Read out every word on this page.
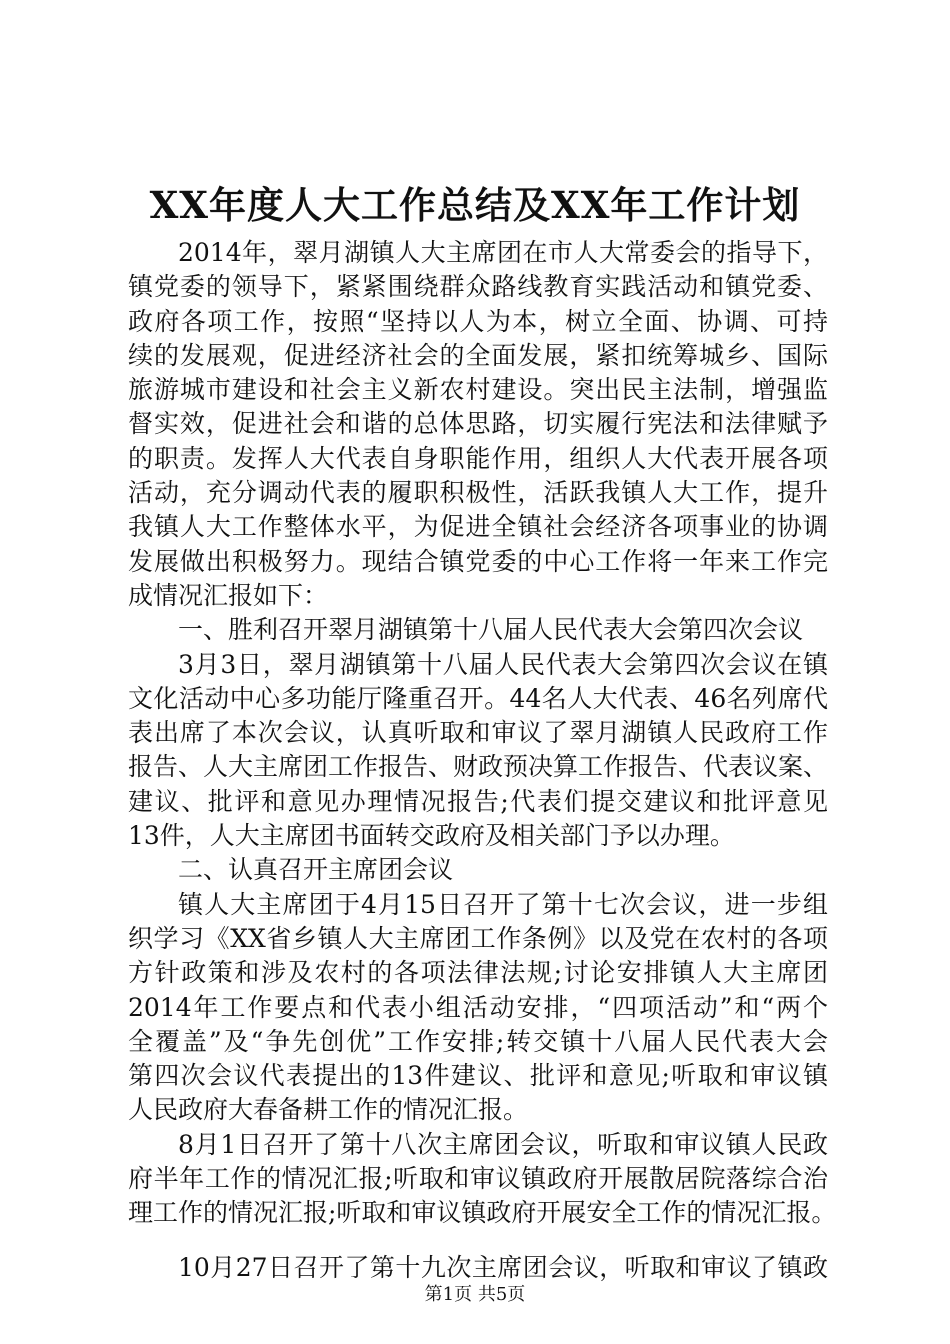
XX年度人大工作总结及XX年工作计划
2014年，翠月湖镇人大主席团在市人大常委会的指导下，
镇党委的领导下，紧紧围绕群众路线教育实践活动和镇党委、
政府各项工作，按照“坚持以人为本，树立全面、协调、可持
续的发展观，促进经济社会的全面发展，紧扣统筹城乡、国际
旅游城市建设和社会主义新农村建设。突出民主法制，增强监
督实效，促进社会和谐的总体思路，切实履行宪法和法律赋予
的职责。发挥人大代表自身职能作用，组织人大代表开展各项
活动，充分调动代表的履职积极性，活跃我镇人大工作，提升
我镇人大工作整体水平，为促进全镇社会经济各项事业的协调
发展做出积极努力。现结合镇党委的中心工作将一年来工作完
成情况汇报如下：
一、胜利召开翠月湖镇第十八届人民代表大会第四次会议
3月3日，翠月湖镇第十八届人民代表大会第四次会议在镇
文化活动中心多功能厅隆重召开。44名人大代表、46名列席代
表出席了本次会议，认真听取和审议了翠月湖镇人民政府工作
报告、人大主席团工作报告、财政预决算工作报告、代表议案、
建议、批评和意见办理情况报告;代表们提交建议和批评意见
13件，人大主席团书面转交政府及相关部门予以办理。
二、认真召开主席团会议
镇人大主席团于4月15日召开了第十七次会议，进一步组
织学习《XX省乡镇人大主席团工作条例》以及党在农村的各项
方针政策和涉及农村的各项法律法规;讨论安排镇人大主席团
2014年工作要点和代表小组活动安排，“四项活动”和“两个
全覆盖”及“争先创优”工作安排;转交镇十八届人民代表大会
第四次会议代表提出的13件建议、批评和意见;听取和审议镇
人民政府大春备耕工作的情况汇报。
8月1日召开了第十八次主席团会议，听取和审议镇人民政
府半年工作的情况汇报;听取和审议镇政府开展散居院落综合治
理工作的情况汇报;听取和审议镇政府开展安全工作的情况汇报。
10月27日召开了第十九次主席团会议，听取和审议了镇政
第1页 共5页
